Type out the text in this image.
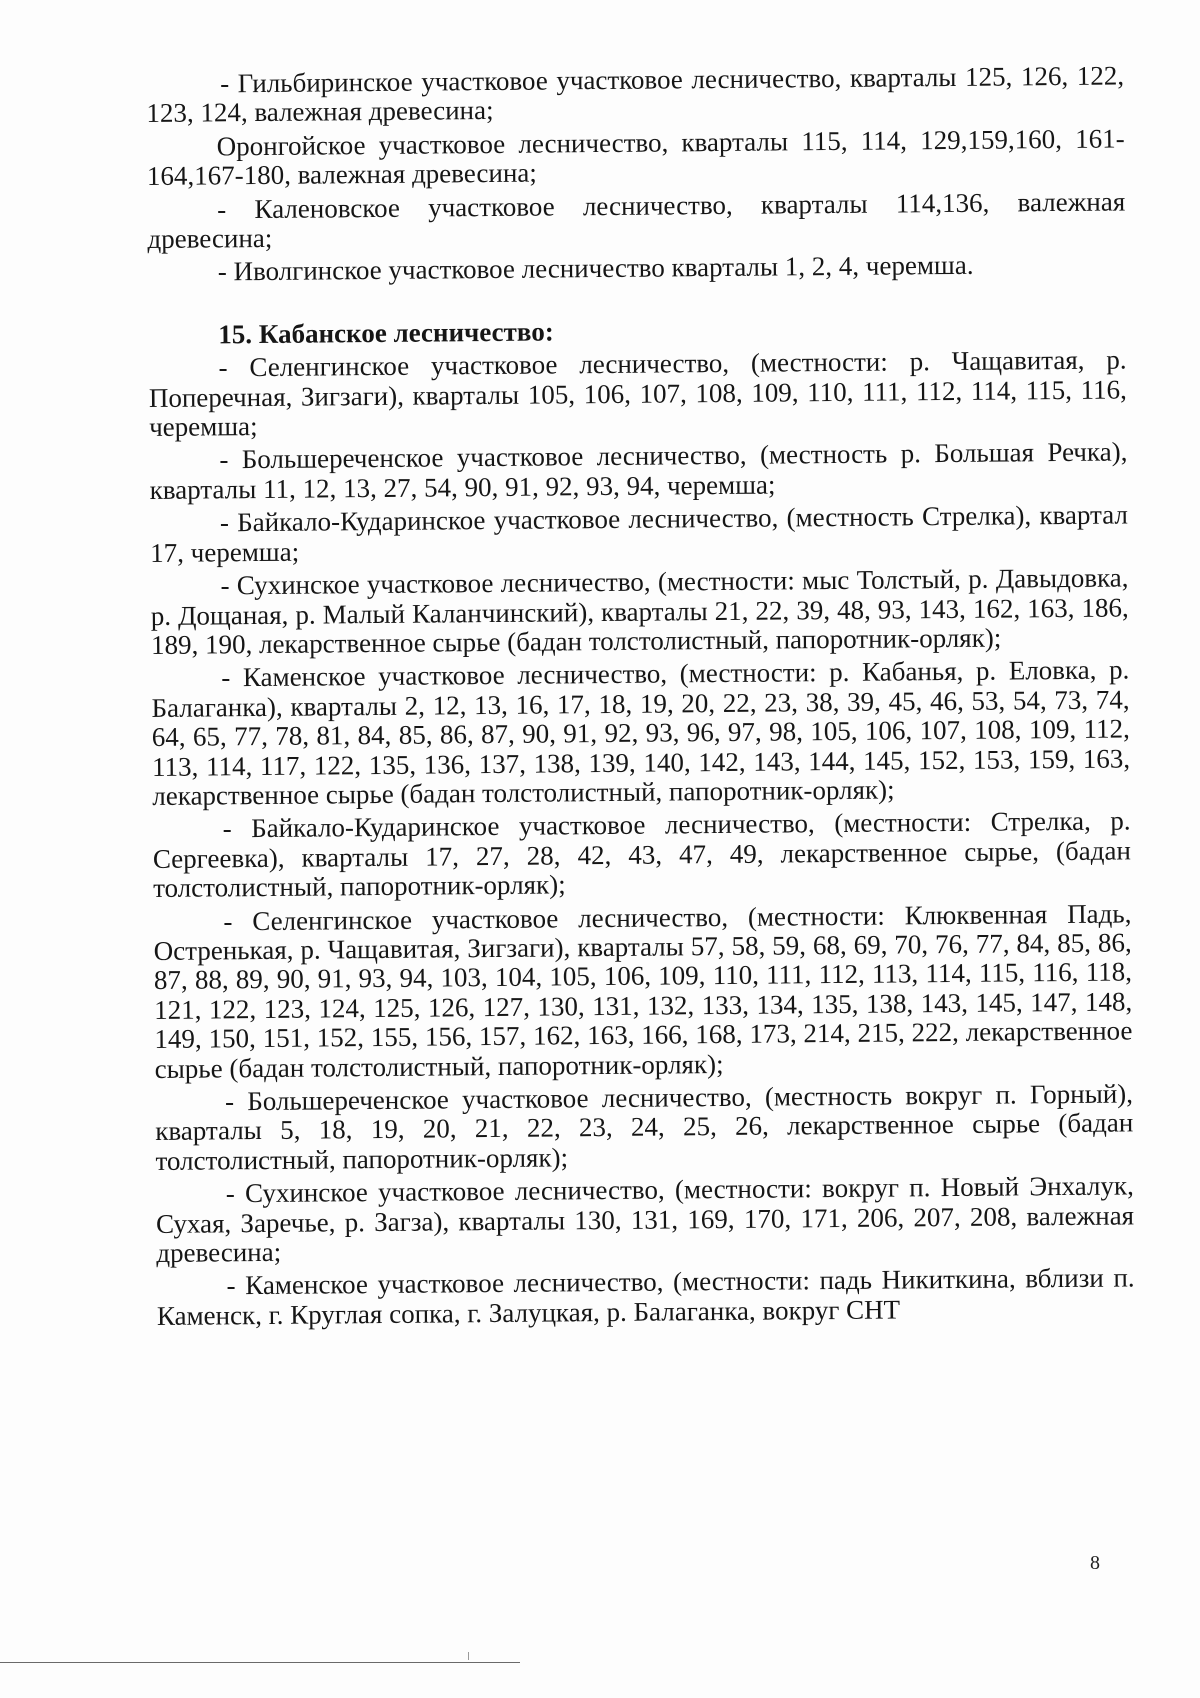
- Гильбиринское участковое участковое лесничество, кварталы 125, 126, 122, 123, 124, валежная древесина;

Оронгойское участковое лесничество, кварталы 115, 114, 129,159,160, 161- 164,167-180, валежная древесина;

- Каленовское участковое лесничество, кварталы 114,136, валежная древесина;

- Иволгинское участковое лесничество кварталы 1, 2, 4, черемша.

15. Кабанское лесничество:

- Селенгинское участковое лесничество, (местности: р. Чащавитая, р. Поперечная, Зигзаги), кварталы 105, 106, 107, 108, 109, 110, 111, 112, 114, 115, 116, черемша;

- Большереченское участковое лесничество, (местность р. Большая Речка), кварталы 11, 12, 13, 27, 54, 90, 91, 92, 93, 94, черемша;

- Байкало-Кударинское участковое лесничество, (местность Стрелка), квартал 17, черемша;

- Сухинское участковое лесничество, (местности: мыс Толстый, р. Давыдовка, р. Дощаная, р. Малый Каланчинский), кварталы 21, 22, 39, 48, 93, 143, 162, 163, 186, 189, 190, лекарственное сырье (бадан толстолистный, папоротник-орляк);

- Каменское участковое лесничество, (местности: р. Кабанья, р. Еловка, р. Балаганка), кварталы 2, 12, 13, 16, 17, 18, 19, 20, 22, 23, 38, 39, 45, 46, 53, 54, 73, 74, 64, 65, 77, 78, 81, 84, 85, 86, 87, 90, 91, 92, 93, 96, 97, 98, 105, 106, 107, 108, 109, 112, 113, 114, 117, 122, 135, 136, 137, 138, 139, 140, 142, 143, 144, 145, 152, 153, 159, 163, лекарственное сырье (бадан толстолистный, папоротник-орляк);

- Байкало-Кударинское участковое лесничество, (местности: Стрелка, р. Сергеевка), кварталы 17, 27, 28, 42, 43, 47, 49, лекарственное сырье, (бадан толстолистный, папоротник-орляк);

- Селенгинское участковое лесничество, (местности: Клюквенная Падь, Остренькая, р. Чащавитая, Зигзаги), кварталы 57, 58, 59, 68, 69, 70, 76, 77, 84, 85, 86, 87, 88, 89, 90, 91, 93, 94, 103, 104, 105, 106, 109, 110, 111, 112, 113, 114, 115, 116, 118, 121, 122, 123, 124, 125, 126, 127, 130, 131, 132, 133, 134, 135, 138, 143, 145, 147, 148, 149, 150, 151, 152, 155, 156, 157, 162, 163, 166, 168, 173, 214, 215, 222, лекарственное сырье (бадан толстолистный, папоротник-орляк);

- Большереченское участковое лесничество, (местность вокруг п. Горный), кварталы 5, 18, 19, 20, 21, 22, 23, 24, 25, 26, лекарственное сырье (бадан толстолистный, папоротник-орляк);

- Сухинское участковое лесничество, (местности: вокруг п. Новый Энхалук, Сухая, Заречье, р. Загза), кварталы 130, 131, 169, 170, 171, 206, 207, 208, валежная древесина;

- Каменское участковое лесничество, (местности: падь Никиткина, вблизи п. Каменск, г. Круглая сопка, г. Залуцкая, р. Балаганка, вокруг СНТ

8
